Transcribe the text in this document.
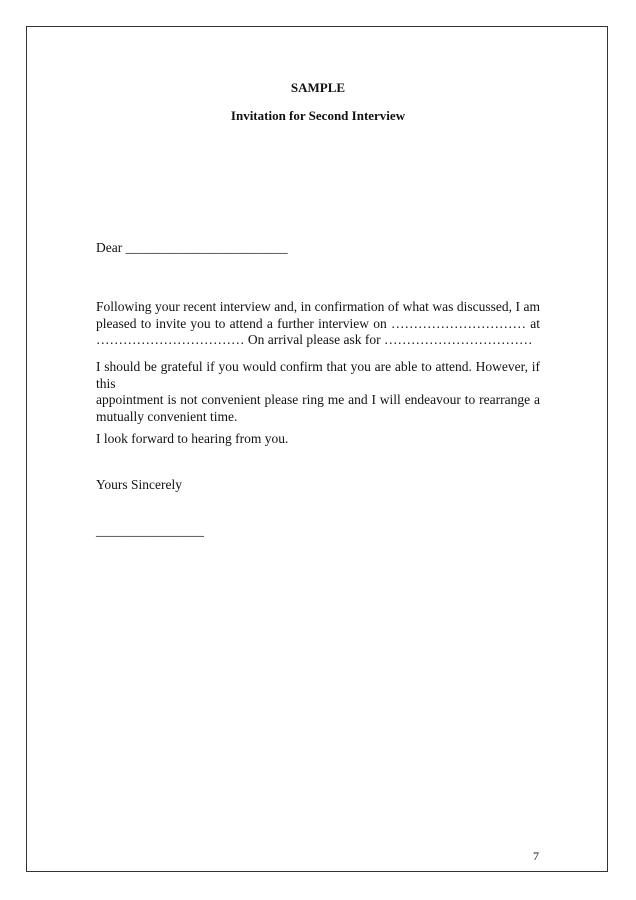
SAMPLE
Invitation for Second Interview
Dear ________________________
Following your recent interview and, in confirmation of what was discussed, I am
pleased to invite you to attend a further interview on ………………………… at
…………………………… On arrival please ask for ……………………………
I should be grateful if you would confirm that you are able to attend. However, if this
appointment is not convenient please ring me and I will endeavour to rearrange a
mutually convenient time.
I look forward to hearing from you.
Yours Sincerely
________________
7
